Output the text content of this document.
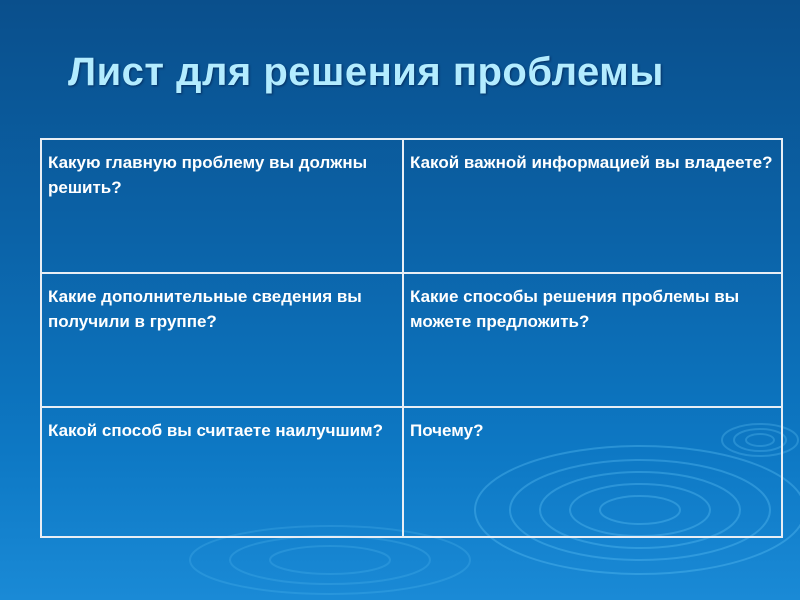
Лист для решения проблемы
Какую главную проблему вы должны решить?	Какой важной информацией вы владеете?
Какие дополнительные сведения вы получили в группе?	Какие способы решения проблемы вы можете предложить?
Какой способ вы считаете наилучшим?	Почему?
